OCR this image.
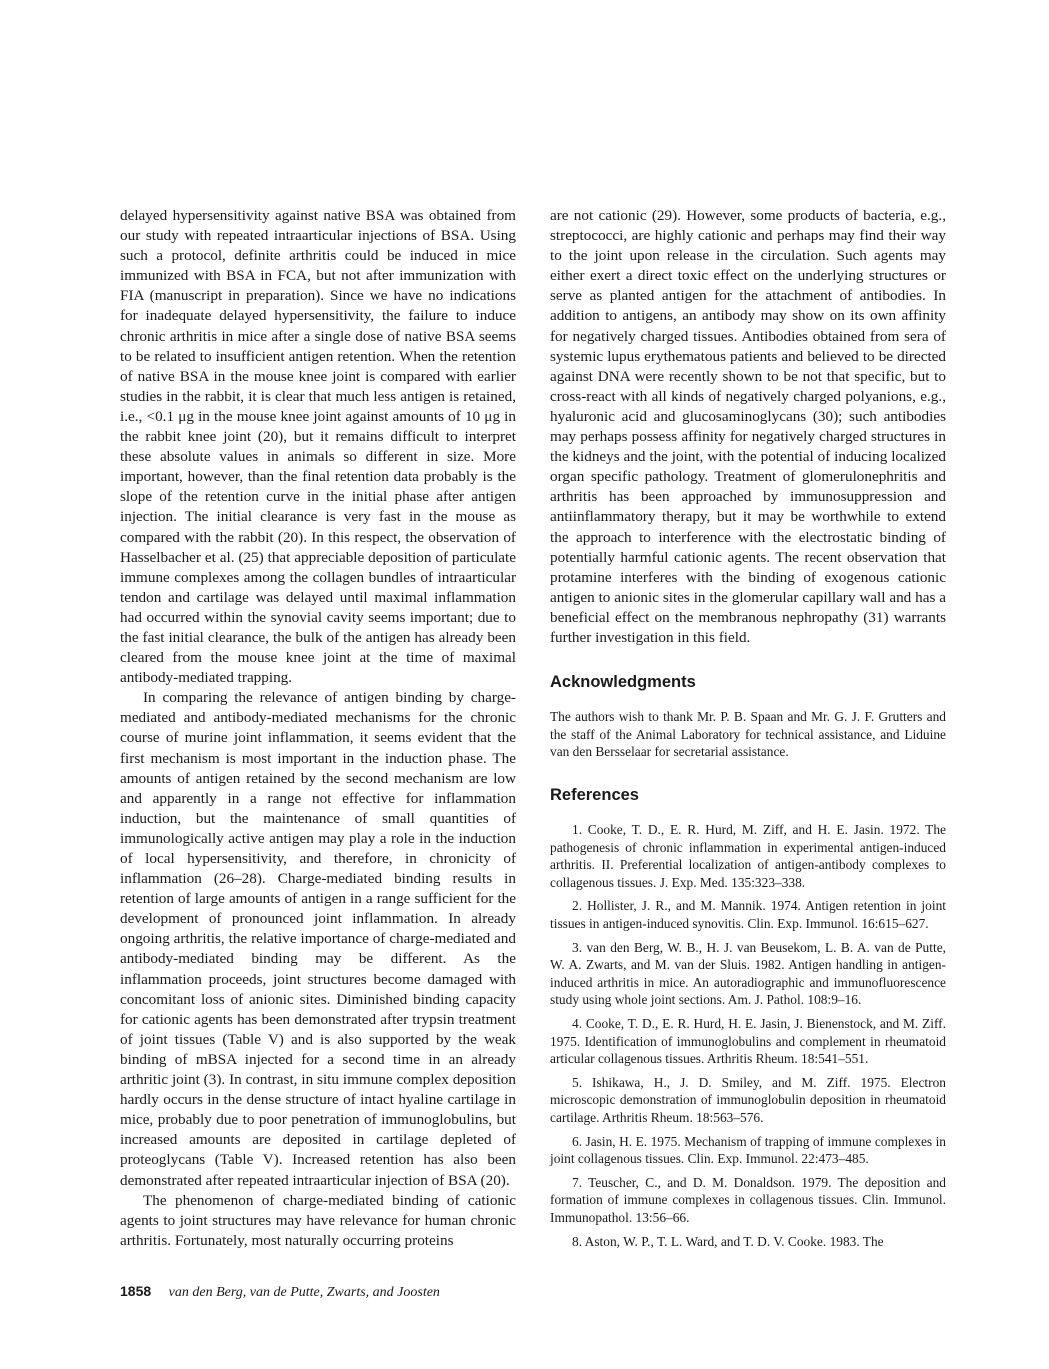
delayed hypersensitivity against native BSA was obtained from our study with repeated intraarticular injections of BSA. Using such a protocol, definite arthritis could be induced in mice immunized with BSA in FCA, but not after immunization with FIA (manuscript in preparation). Since we have no indications for inadequate delayed hypersensitivity, the failure to induce chronic arthritis in mice after a single dose of native BSA seems to be related to insufficient antigen retention. When the retention of native BSA in the mouse knee joint is compared with earlier studies in the rabbit, it is clear that much less antigen is retained, i.e., <0.1 μg in the mouse knee joint against amounts of 10 μg in the rabbit knee joint (20), but it remains difficult to interpret these absolute values in animals so different in size. More important, however, than the final retention data probably is the slope of the retention curve in the initial phase after antigen injection. The initial clearance is very fast in the mouse as compared with the rabbit (20). In this respect, the observation of Hasselbacher et al. (25) that appreciable deposition of particulate immune complexes among the collagen bundles of intraarticular tendon and cartilage was delayed until maximal inflammation had occurred within the synovial cavity seems important; due to the fast initial clearance, the bulk of the antigen has already been cleared from the mouse knee joint at the time of maximal antibody-mediated trapping.

In comparing the relevance of antigen binding by charge-mediated and antibody-mediated mechanisms for the chronic course of murine joint inflammation, it seems evident that the first mechanism is most important in the induction phase. The amounts of antigen retained by the second mechanism are low and apparently in a range not effective for inflammation induction, but the maintenance of small quantities of immunologically active antigen may play a role in the induction of local hypersensitivity, and therefore, in chronicity of inflammation (26–28). Charge-mediated binding results in retention of large amounts of antigen in a range sufficient for the development of pronounced joint inflammation. In already ongoing arthritis, the relative importance of charge-mediated and antibody-mediated binding may be different. As the inflammation proceeds, joint structures become damaged with concomitant loss of anionic sites. Diminished binding capacity for cationic agents has been demonstrated after trypsin treatment of joint tissues (Table V) and is also supported by the weak binding of mBSA injected for a second time in an already arthritic joint (3). In contrast, in situ immune complex deposition hardly occurs in the dense structure of intact hyaline cartilage in mice, probably due to poor penetration of immunoglobulins, but increased amounts are deposited in cartilage depleted of proteoglycans (Table V). Increased retention has also been demonstrated after repeated intraarticular injection of BSA (20).

The phenomenon of charge-mediated binding of cationic agents to joint structures may have relevance for human chronic arthritis. Fortunately, most naturally occurring proteins

are not cationic (29). However, some products of bacteria, e.g., streptococci, are highly cationic and perhaps may find their way to the joint upon release in the circulation. Such agents may either exert a direct toxic effect on the underlying structures or serve as planted antigen for the attachment of antibodies. In addition to antigens, an antibody may show on its own affinity for negatively charged tissues. Antibodies obtained from sera of systemic lupus erythematous patients and believed to be directed against DNA were recently shown to be not that specific, but to cross-react with all kinds of negatively charged polyanions, e.g., hyaluronic acid and glucosaminoglycans (30); such antibodies may perhaps possess affinity for negatively charged structures in the kidneys and the joint, with the potential of inducing localized organ specific pathology. Treatment of glomerulonephritis and arthritis has been approached by immunosuppression and antiinflammatory therapy, but it may be worthwhile to extend the approach to interference with the electrostatic binding of potentially harmful cationic agents. The recent observation that protamine interferes with the binding of exogenous cationic antigen to anionic sites in the glomerular capillary wall and has a beneficial effect on the membranous nephropathy (31) warrants further investigation in this field.

Acknowledgments

The authors wish to thank Mr. P. B. Spaan and Mr. G. J. F. Grutters and the staff of the Animal Laboratory for technical assistance, and Liduine van den Bersselaar for secretarial assistance.

References
1. Cooke, T. D., E. R. Hurd, M. Ziff, and H. E. Jasin. 1972. The pathogenesis of chronic inflammation in experimental antigen-induced arthritis. II. Preferential localization of antigen-antibody complexes to collagenous tissues. J. Exp. Med. 135:323–338.
2. Hollister, J. R., and M. Mannik. 1974. Antigen retention in joint tissues in antigen-induced synovitis. Clin. Exp. Immunol. 16:615–627.
3. van den Berg, W. B., H. J. van Beusekom, L. B. A. van de Putte, W. A. Zwarts, and M. van der Sluis. 1982. Antigen handling in antigen-induced arthritis in mice. An autoradiographic and immunofluorescence study using whole joint sections. Am. J. Pathol. 108:9–16.
4. Cooke, T. D., E. R. Hurd, H. E. Jasin, J. Bienenstock, and M. Ziff. 1975. Identification of immunoglobulins and complement in rheumatoid articular collagenous tissues. Arthritis Rheum. 18:541–551.
5. Ishikawa, H., J. D. Smiley, and M. Ziff. 1975. Electron microscopic demonstration of immunoglobulin deposition in rheumatoid cartilage. Arthritis Rheum. 18:563–576.
6. Jasin, H. E. 1975. Mechanism of trapping of immune complexes in joint collagenous tissues. Clin. Exp. Immunol. 22:473–485.
7. Teuscher, C., and D. M. Donaldson. 1979. The deposition and formation of immune complexes in collagenous tissues. Clin. Immunol. Immunopathol. 13:56–66.
8. Aston, W. P., T. L. Ward, and T. D. V. Cooke. 1983. The
1858 van den Berg, van de Putte, Zwarts, and Joosten
